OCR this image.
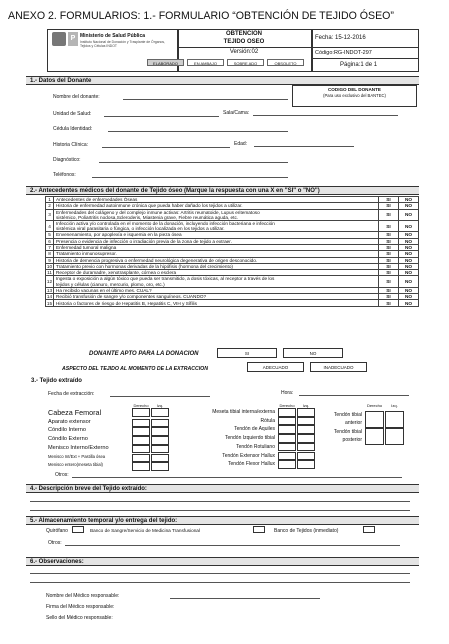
ANEXO 2. FORMULARIOS: 1.- FORMULARIO “OBTENCIÓN DE TEJIDO ÓSEO”
P Ministerio de Salud Pública
Instituto Nacional de Donación y Trasplante de Órganos, Tejidos y Células INDOT
OBTENCION
TEJIDO OSEO
Versión:02
Fecha: 15-12-2016
Código:RG-INDOT-297
Página:1 de 1
ELABORADO	EN AMBAJO	SOBRE ADO	OBSOLETO
1.- Datos del Donante
CODIGO DEL DONANTE
(Para uso exclusivo del BANTEC)
Nombre del donante:
Unidad de Salud:	Sala/Cama:
Cédula Identidad:
Historia Clínica:	Edad:
Diagnóstico:
Teléfonos:
2.- Antecedentes médicos del donante de Tejido óseo (Marque la respuesta con una X en "SI" o "NO")
1	Antecedentes de enfermedades Óseas	SI	NO
2	Historia de enfermedad autoinmune crónica que pueda haber dañado los tejidos a utilizar.	SI	NO
3	Enfermedades del colágeno y del complejo inmune activas: Artritis reumatoide, Lupus eritematoso
sistémico, Poliartritis nodosa,Scleroderis, Miastenia grave, Fiebre reumática aguda, etc.	SI	NO
4	Infección activa y/o controlada en el momento de la donación, incluyendo infección bacteriana e infección
sistémica viral parasitaria o fúngica, o infección localizada en los tejidos a utilizar.	SI	NO
5	Envenenamiento, por apoplexía e isquemia en la pieza ósea	SI	NO
6	Presencia o evidencia de infección o irradiación previa de la zona de tejido a extraer.	SI	NO
7	Enfermedad tumoral maligna	SI	NO
8	Tratamiento inmunosupresor.	SI	NO
9	Historia de demencia progresiva o enfermedad neurológica degenerativa de origen desconocido.	SI	NO
10	Tratamiento previo con hormonas derivadas de la hipófisis (hormona del crecimiento)	SI	NO
11	Receptor de duramadre, xenotrasplante, córnea o esclera	SI	NO
12	Ingesta o exposición a algún tóxico que pueda ser transmitido, a dosis tóxicas, al receptor a través de los
tejidos y células (cianuro, mercurio, plomo, oro, etc.)	SI	NO
13	Ha recibido vacunas en el último mes. CUAL?	SI	NO
14	Recibió transfusión de sangre y/o componentes sanguíneos. CUANDO?	SI	NO
15	Historia o factores de riesgo de Hepatitis B, Hepatitis C, VIH y Sífilis	SI	NO
DONANTE APTO PARA LA DONACION	SI	NO
ASPECTO DEL TEJIDO AL MOMENTO DE LA EXTRACCION	ADECUADO	INADECUADO
3.- Tejido extraído
Fecha de extracción:	Hora:
Derecho	Izq.
Cabeza Femoral
Aparato extensor
Cóndilo Interno
Cóndilo Externo
Menisco Interno/Externo
Menisco Int/Ext + Pastilla ósea
Menisco entero(meseta tibial)
Derecho	Izq.
Meseta tibial interna/externa
Rótula
Tendón de Aquiles
Tendón Izquierdo tibial
Tendón Rotuliano
Tendón Extensor Hallux
Tendón Flexor Hallux
Derecho	Izq.
Tendón tibial anterior
Tendón tibial posterior
Otros:
4.- Descripción breve del Tejido extraído:
5.- Almacenamiento temporal y/o entrega del tejido:
Quirófano	Banco de Sangre/Servicio de Medicina Transfusional	Banco de Tejidos (inmediato)
Otros:
6.- Observaciones:
Nombre del Médico responsable:
Firma del Médico responsable:
Sello del Médico responsable:
